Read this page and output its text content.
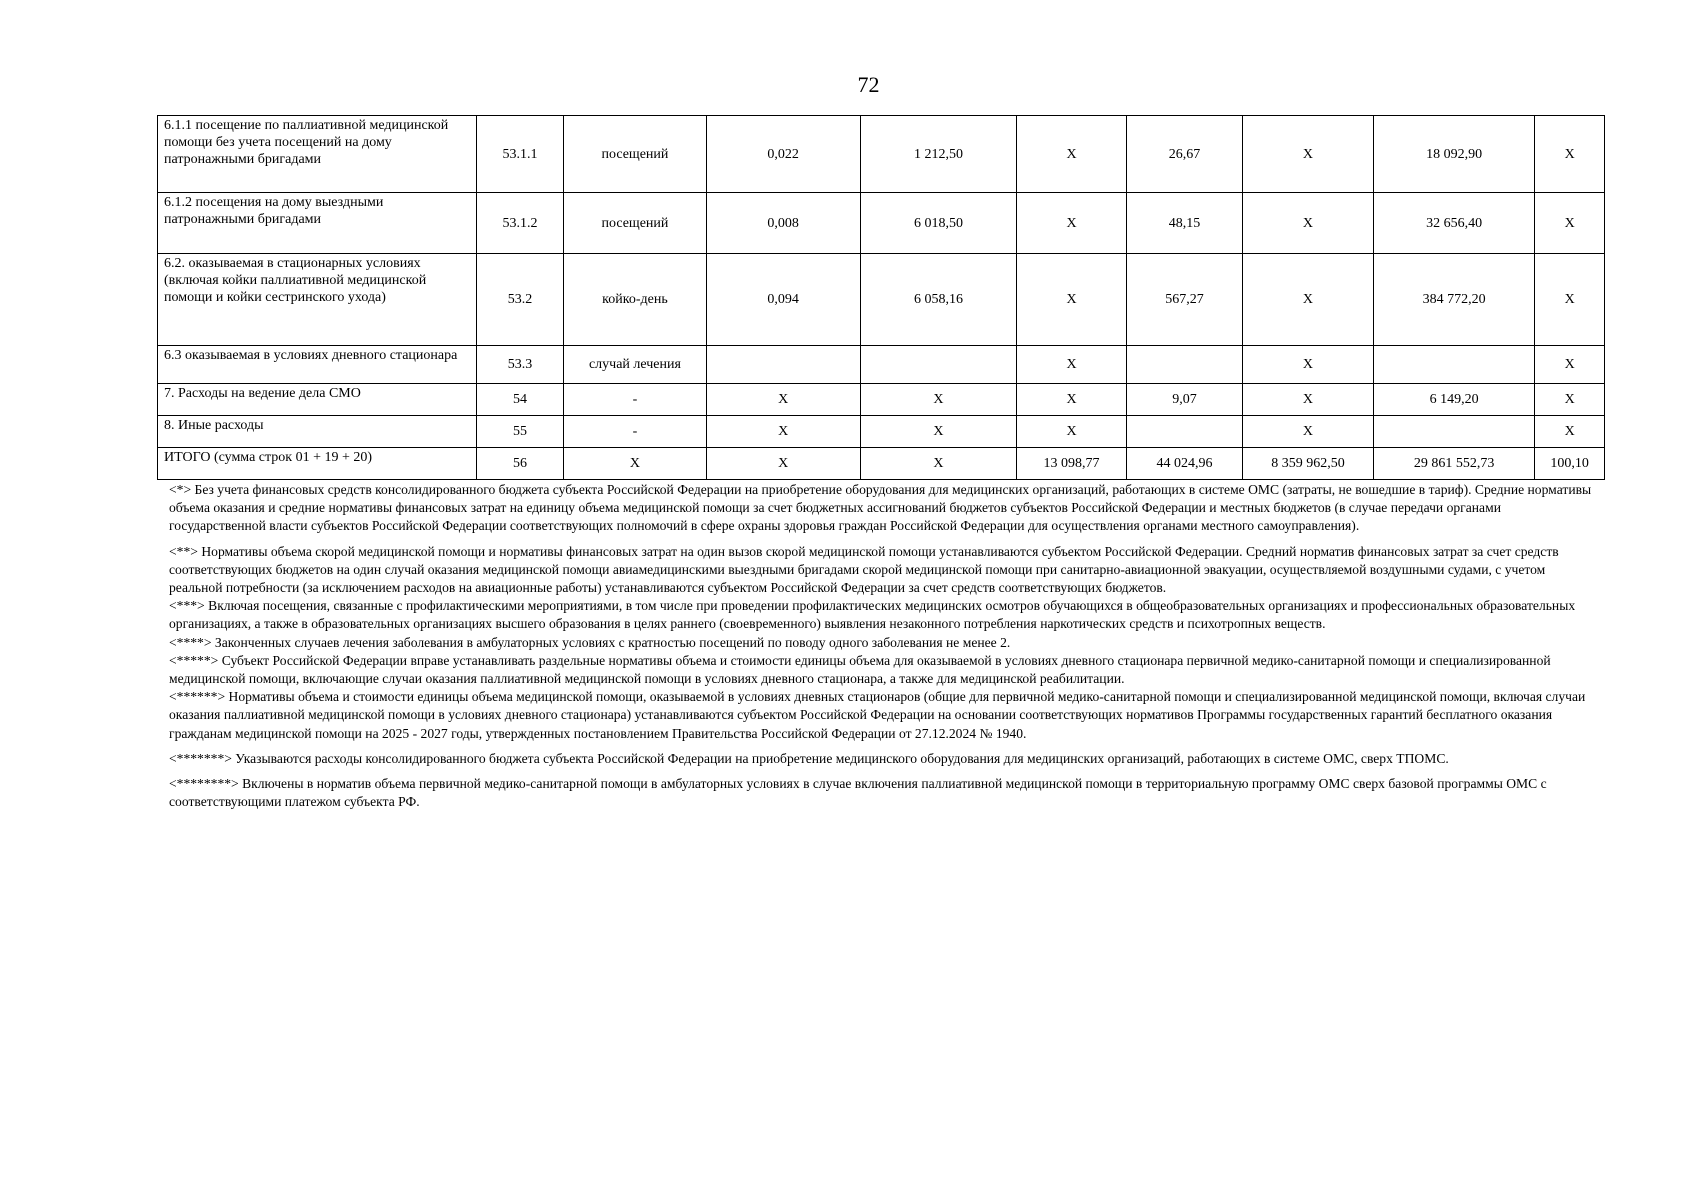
72
6.1.1 посещение по паллиативной медицинской помощи без учета посещений на дому патронажными бригадами	53.1.1	посещений	0,022	1 212,50	X	26,67	X	18 092,90	X
6.1.2 посещения на дому выездными патронажными бригадами	53.1.2	посещений	0,008	6 018,50	X	48,15	X	32 656,40	X
6.2. оказываемая в стационарных условиях (включая койки паллиативной медицинской помощи и койки сестринского ухода)	53.2	койко-день	0,094	6 058,16	X	567,27	X	384 772,20	X
6.3 оказываемая в условиях дневного стационара	53.3	случай лечения			X		X		X
7. Расходы на ведение дела СМО	54	-	X	X	X	9,07	X	6 149,20	X
8. Иные расходы	55	-	X	X	X		X		X
ИТОГО (сумма строк 01 + 19 + 20)	56	X	X	X	13 098,77	44 024,96	8 359 962,50	29 861 552,73	100,10

<*> Без учета финансовых средств консолидированного бюджета субъекта Российской Федерации на приобретение оборудования для медицинских организаций, работающих в системе ОМС (затраты, не вошедшие в тариф). Средние нормативы объема оказания и средние нормативы финансовых затрат на единицу объема медицинской помощи за счет бюджетных ассигнований бюджетов субъектов Российской Федерации и местных бюджетов (в случае передачи органами государственной власти субъектов Российской Федерации соответствующих полномочий в сфере охраны здоровья граждан Российской Федерации для осуществления органами местного самоуправления).

<**> Нормативы объема скорой медицинской помощи и нормативы финансовых затрат на один вызов скорой медицинской помощи устанавливаются субъектом Российской Федерации. Средний норматив финансовых затрат за счет средств соответствующих бюджетов на один случай оказания медицинской помощи авиамедицинскими выездными бригадами скорой медицинской помощи при санитарно-авиационной эвакуации, осуществляемой воздушными судами, с учетом реальной потребности (за исключением расходов на авиационные работы) устанавливаются субъектом Российской Федерации за счет средств соответствующих бюджетов.

<***> Включая посещения, связанные с профилактическими мероприятиями, в том числе при проведении профилактических медицинских осмотров обучающихся в общеобразовательных организациях и профессиональных образовательных организациях, а также в образовательных организациях высшего образования в целях раннего (своевременного) выявления незаконного потребления наркотических средств и психотропных веществ.

<****> Законченных случаев лечения заболевания в амбулаторных условиях с кратностью посещений по поводу одного заболевания не менее 2.

<*****> Субъект Российской Федерации вправе устанавливать раздельные нормативы объема и стоимости единицы объема для оказываемой в условиях дневного стационара первичной медико-санитарной помощи и специализированной медицинской помощи, включающие случаи оказания паллиативной медицинской помощи в условиях дневного стационара, а также для медицинской реабилитации.

<******> Нормативы объема и стоимости единицы объема медицинской помощи, оказываемой в условиях дневных стационаров (общие для первичной медико-санитарной помощи и специализированной медицинской помощи, включая случаи оказания паллиативной медицинской помощи в условиях дневного стационара) устанавливаются субъектом Российской Федерации на основании соответствующих нормативов Программы государственных гарантий бесплатного оказания гражданам медицинской помощи на 2025 - 2027 годы, утвержденных постановлением Правительства Российской Федерации от 27.12.2024 № 1940.

<*******> Указываются расходы консолидированного бюджета субъекта Российской Федерации на приобретение медицинского оборудования для медицинских организаций, работающих в системе ОМС, сверх ТПОМС.

<********> Включены в норматив объема первичной медико-санитарной помощи в амбулаторных условиях в случае включения паллиативной медицинской помощи в территориальную программу ОМС сверх базовой программы ОМС с соответствующими платежом субъекта РФ.
